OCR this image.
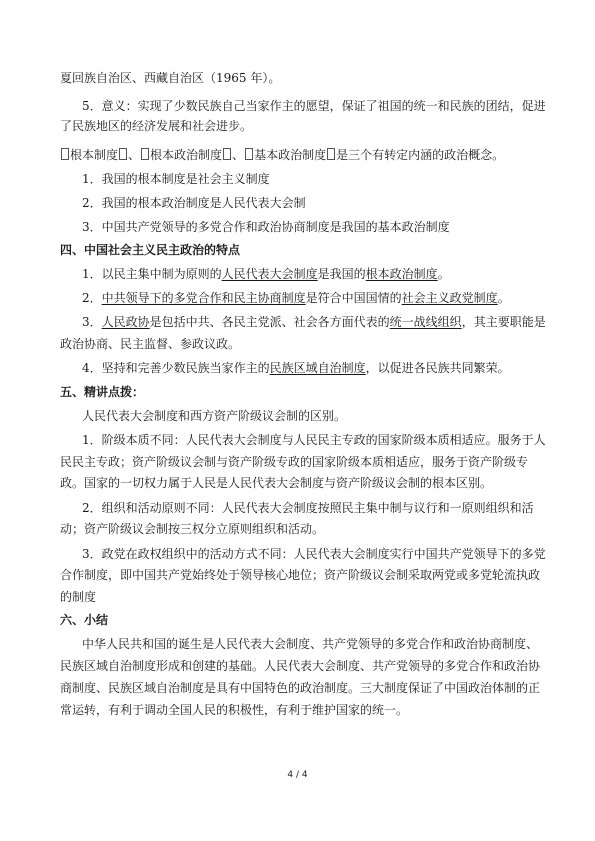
夏回族自治区、西藏自治区（1965 年）。
5．意义：实现了少数民族自己当家作主的愿望，保证了祖国的统一和民族的团结，促进
了民族地区的经济发展和社会进步。
根本制度 、 根本政治制度 、 基本政治制度 是三个有转定内涵的政治概念。
1．我国的根本制度是社会主义制度
2．我国的根本政治制度是人民代表大会制
3．中国共产党领导的多党合作和政治协商制度是我国的基本政治制度
四、中国社会主义民主政治的特点
1．以民主集中制为原则的人民代表大会制度是我国的根本政治制度。
2．中共领导下的多党合作和民主协商制度是符合中国国情的社会主义政党制度。
3．人民政协是包括中共、各民主党派、社会各方面代表的统一战线组织，其主要职能是
政治协商、民主监督、参政议政。
4．坚持和完善少数民族当家作主的民族区域自治制度，以促进各民族共同繁荣。
五、精讲点拨：
人民代表大会制度和西方资产阶级议会制的区别。
1．阶级本质不同：人民代表大会制度与人民民主专政的国家阶级本质相适应。服务于人
民民主专政；资产阶级议会制与资产阶级专政的国家阶级本质相适应，服务于资产阶级专
政。国家的一切权力属于人民是人民代表大会制度与资产阶级议会制的根本区别。
2．组织和活动原则不同：人民代表大会制度按照民主集中制与议行和一原则组织和活
动；资产阶级议会制按三权分立原则组织和活动。
3．政党在政权组织中的活动方式不同：人民代表大会制度实行中国共产党领导下的多党
合作制度，即中国共产党始终处于领导核心地位；资产阶级议会制采取两党或多党轮流执政
的制度
六、小结
中华人民共和国的诞生是人民代表大会制度、共产党领导的多党合作和政治协商制度、
民族区域自治制度形成和创建的基础。人民代表大会制度、共产党领导的多党合作和政治协
商制度、民族区域自治制度是具有中国特色的政治制度。三大制度保证了中国政治体制的正
常运转，有利于调动全国人民的积极性，有利于维护国家的统一。
4 / 4
